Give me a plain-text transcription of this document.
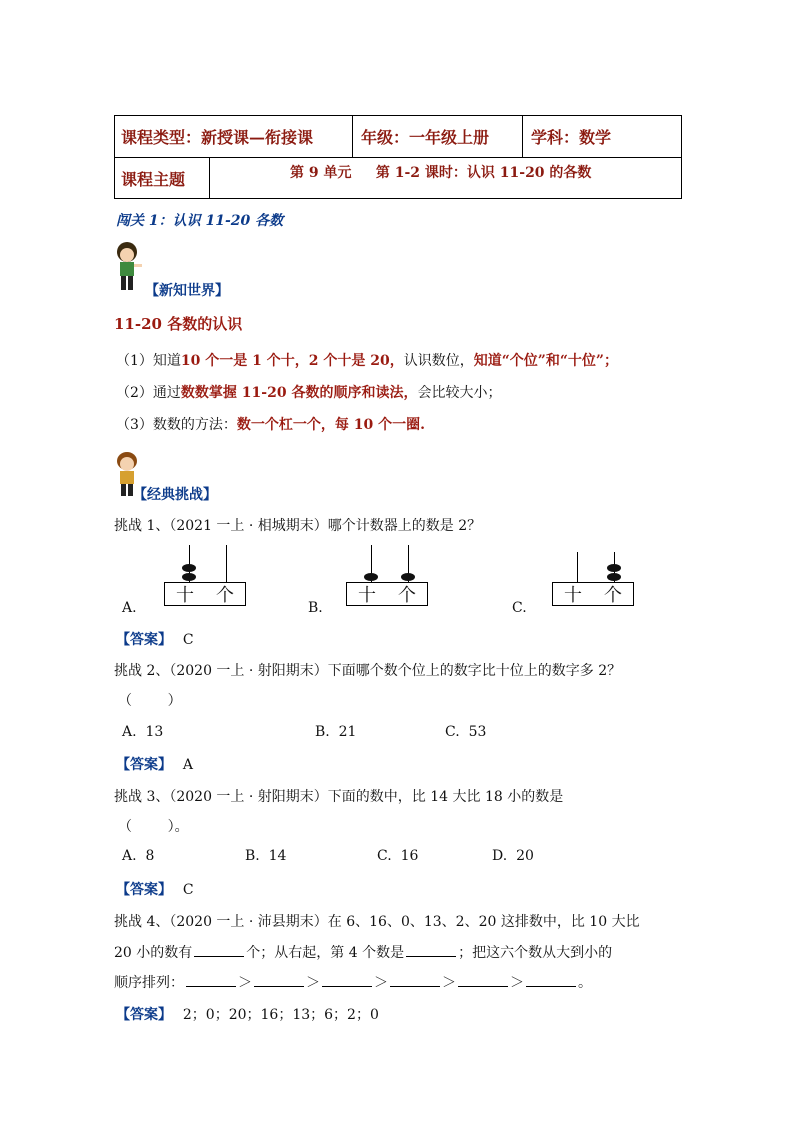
课程类型：新授课—衔接课	年级：一年级上册	学科：数学
课程主题	第 9 单元     第 1-2 课时：认识 11-20 的各数
闯关 1：认识 11-20 各数
【新知世界】
11-20 各数的认识
（1）知道10 个一是 1 个十，2 个十是 20，认识数位，知道“个位”和“十位”；
（2）通过数数掌握 11-20 各数的顺序和读法，会比较大小；
（3）数数的方法：数一个杠一个，每 10 个一圈.
【经典挑战】
挑战 1、（2021 一上 · 相城期末）哪个计数器上的数是 2？
A.
十 个
B.
十 个
C.
十 个
【答案】 C
挑战 2、（2020 一上 · 射阳期末）下面哪个数个位上的数字比十位上的数字多 2？
（        ）
A.  13	B.  21	C.  53
【答案】 A
挑战 3、（2020 一上 · 射阳期末）下面的数中，比 14 大比 18 小的数是
（        ）。
A.  8	B.  14	C.  16	D.  20
【答案】 C
挑战 4、（2020 一上 · 沛县期末）在 6、16、0、13、2、20 这排数中，比 10 大比
20 小的数有	个；从右起，第 4 个数是	；把这六个数从大到小的
顺序排列：	＞	＞	＞	＞	＞	。
【答案】 2；0；20；16；13；6；2；0
